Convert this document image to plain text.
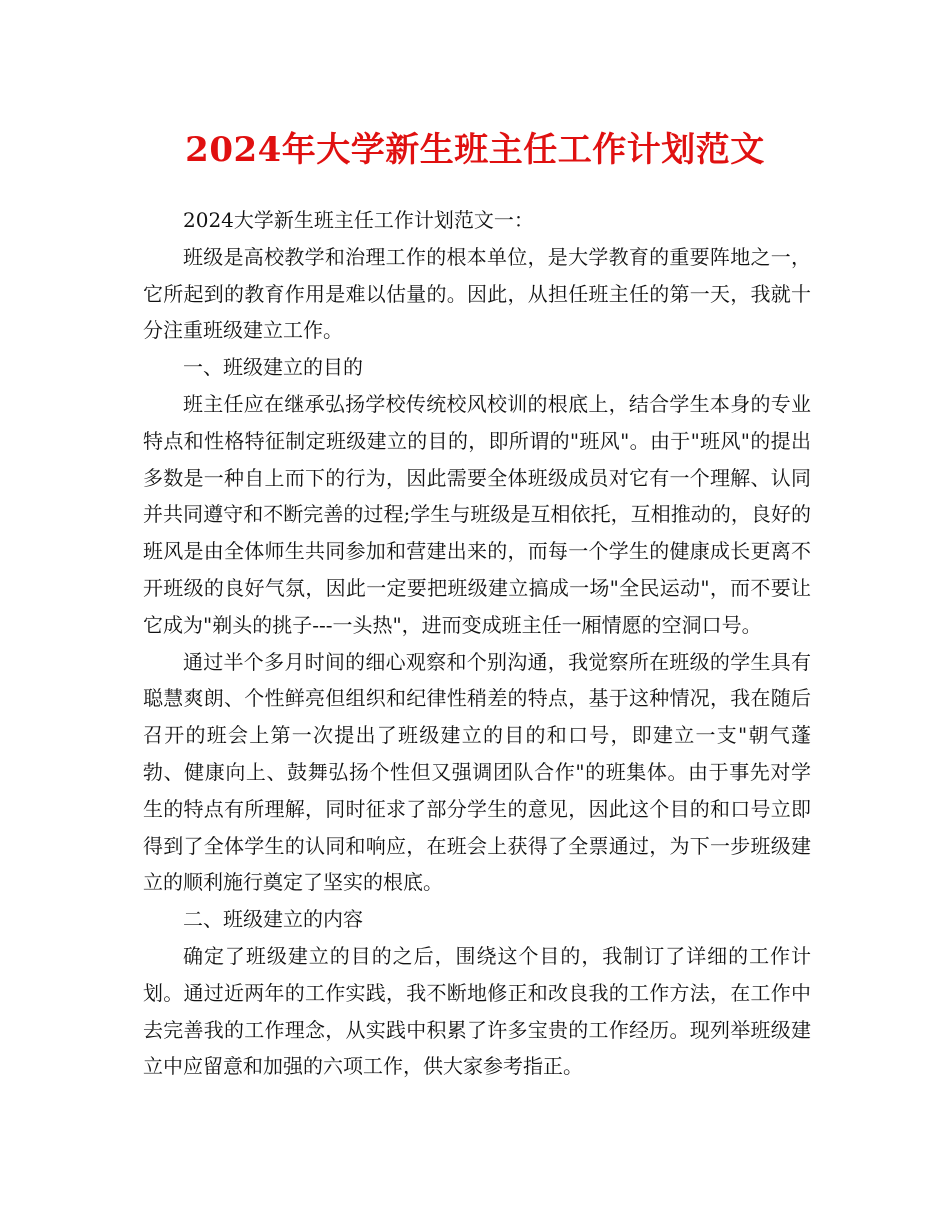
2024年大学新生班主任工作计划范文

2024大学新生班主任工作计划范文一：

班级是高校教学和治理工作的根本单位，是大学教育的重要阵地之一，它所起到的教育作用是难以估量的。因此，从担任班主任的第一天，我就十分注重班级建立工作。

一、班级建立的目的

班主任应在继承弘扬学校传统校风校训的根底上，结合学生本身的专业特点和性格特征制定班级建立的目的，即所谓的"班风"。由于"班风"的提出多数是一种自上而下的行为，因此需要全体班级成员对它有一个理解、认同并共同遵守和不断完善的过程;学生与班级是互相依托，互相推动的，良好的班风是由全体师生共同参加和营建出来的，而每一个学生的健康成长更离不开班级的良好气氛，因此一定要把班级建立搞成一场"全民运动"，而不要让它成为"剃头的挑子---一头热"，进而变成班主任一厢情愿的空洞口号。

通过半个多月时间的细心观察和个别沟通，我觉察所在班级的学生具有聪慧爽朗、个性鲜亮但组织和纪律性稍差的特点，基于这种情况，我在随后召开的班会上第一次提出了班级建立的目的和口号，即建立一支"朝气蓬勃、健康向上、鼓舞弘扬个性但又强调团队合作"的班集体。由于事先对学生的特点有所理解，同时征求了部分学生的意见，因此这个目的和口号立即得到了全体学生的认同和响应，在班会上获得了全票通过，为下一步班级建立的顺利施行奠定了坚实的根底。

二、班级建立的内容

确定了班级建立的目的之后，围绕这个目的，我制订了详细的工作计划。通过近两年的工作实践，我不断地修正和改良我的工作方法，在工作中去完善我的工作理念，从实践中积累了许多宝贵的工作经历。现列举班级建立中应留意和加强的六项工作，供大家参考指正。
